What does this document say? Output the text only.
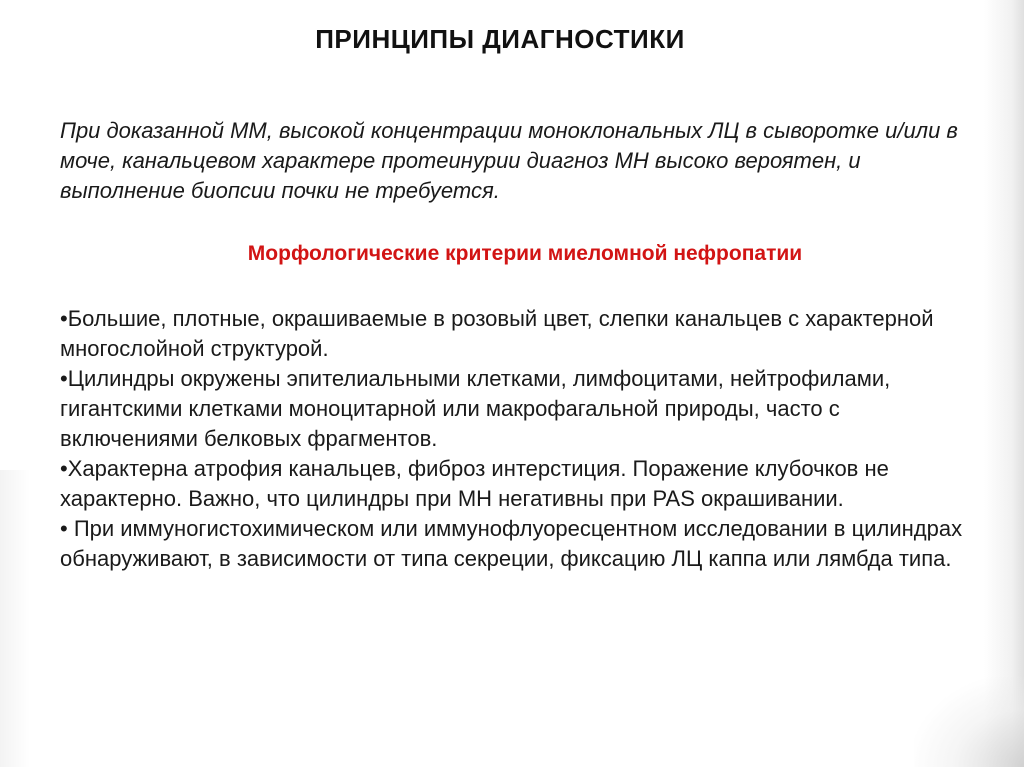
ПРИНЦИПЫ ДИАГНОСТИКИ
При доказанной ММ, высокой концентрации моноклональных ЛЦ в сыворотке и/или в моче, канальцевом характере протеинурии диагноз МН высоко вероятен, и выполнение биопсии почки не требуется.
Морфологические критерии миеломной нефропатии
•Большие, плотные, окрашиваемые в розовый цвет, слепки канальцев с характерной многослойной структурой.
•Цилиндры окружены эпителиальными клетками, лимфоцитами, нейтрофилами, гигантскими клетками моноцитарной или макрофагальной природы, часто с включениями белковых фрагментов.
•Характерна атрофия канальцев, фиброз интерстиция. Поражение клубочков не характерно. Важно, что цилиндры при МН негативны при PAS окрашивании.
• При иммуногистохимическом или иммунофлуоресцентном исследовании в цилиндрах обнаруживают, в зависимости от типа секреции, фиксацию ЛЦ каппа или лямбда типа.
